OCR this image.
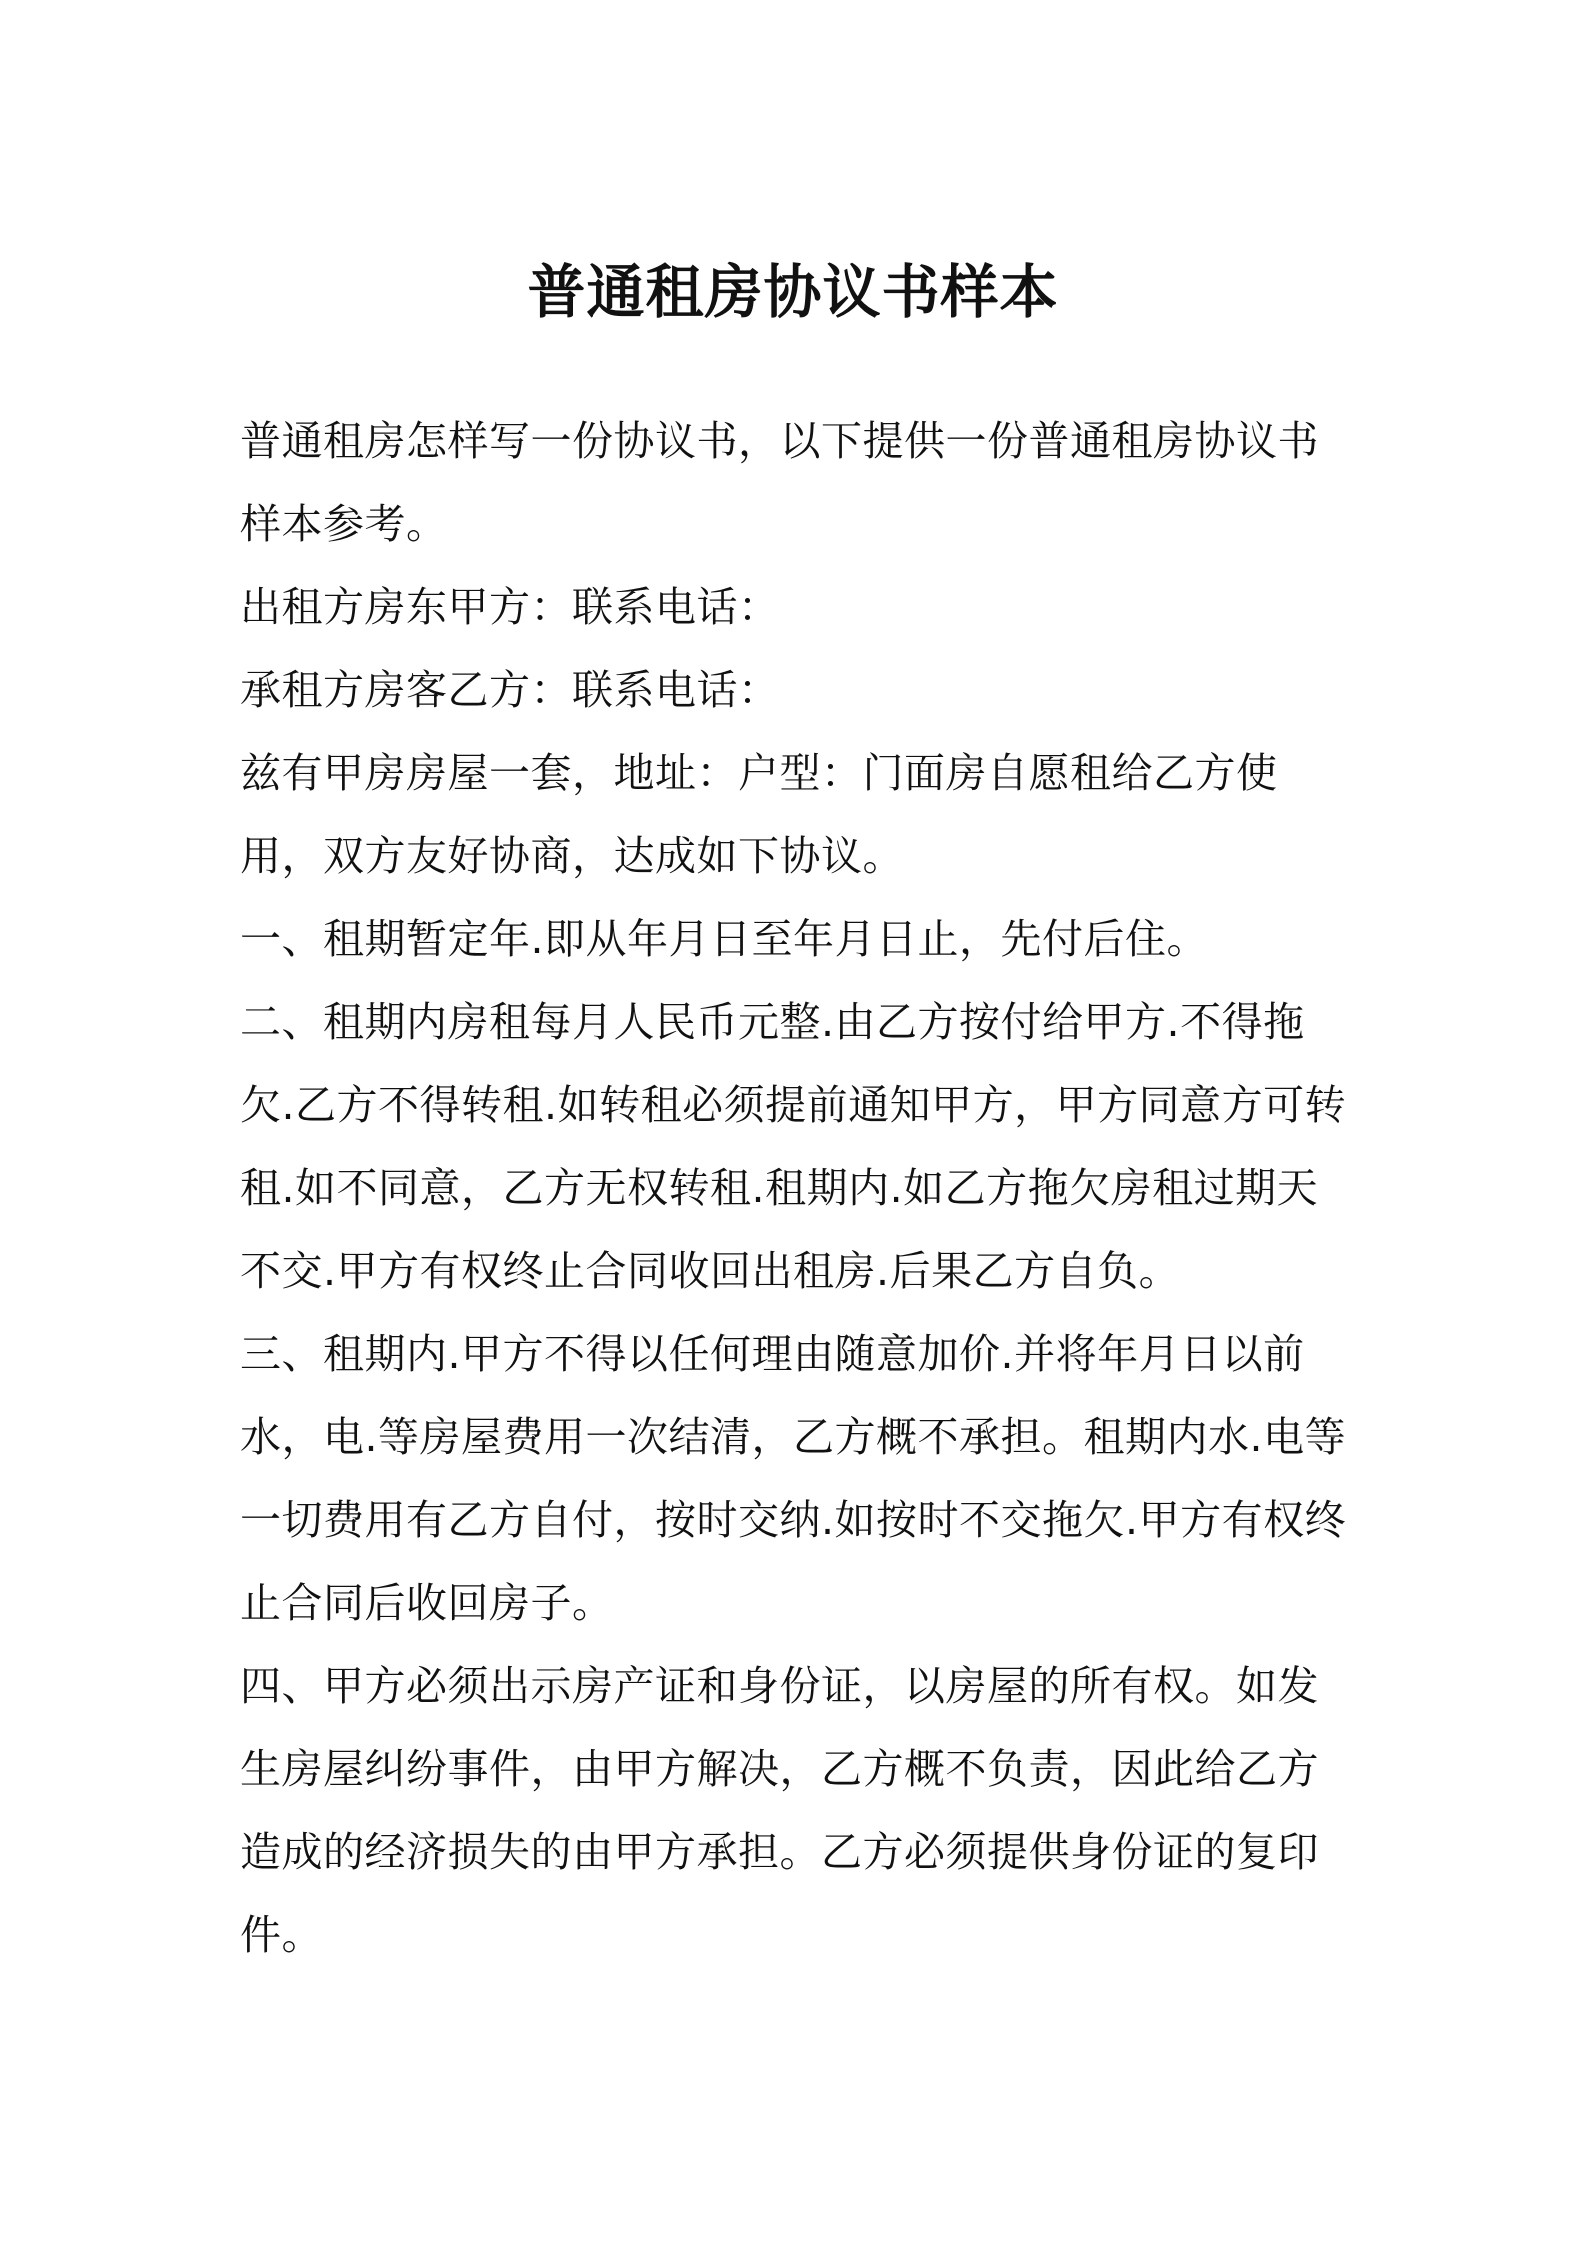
普通租房协议书样本

普通租房怎样写一份协议书，以下提供一份普通租房协议书样本参考。

出租方房东甲方：联系电话：

承租方房客乙方：联系电话：

兹有甲房房屋一套，地址：户型：门面房自愿租给乙方使用，双方友好协商，达成如下协议。

一、租期暂定年.即从年月日至年月日止，先付后住。

二、租期内房租每月人民币元整.由乙方按付给甲方.不得拖欠.乙方不得转租.如转租必须提前通知甲方，甲方同意方可转租.如不同意，乙方无权转租.租期内.如乙方拖欠房租过期天不交.甲方有权终止合同收回出租房.后果乙方自负。

三、租期内.甲方不得以任何理由随意加价.并将年月日以前水，电.等房屋费用一次结清，乙方概不承担。租期内水.电等一切费用有乙方自付，按时交纳.如按时不交拖欠.甲方有权终止合同后收回房子。

四、甲方必须出示房产证和身份证，以房屋的所有权。如发生房屋纠纷事件，由甲方解决，乙方概不负责，因此给乙方造成的经济损失的由甲方承担。乙方必须提供身份证的复印件。
